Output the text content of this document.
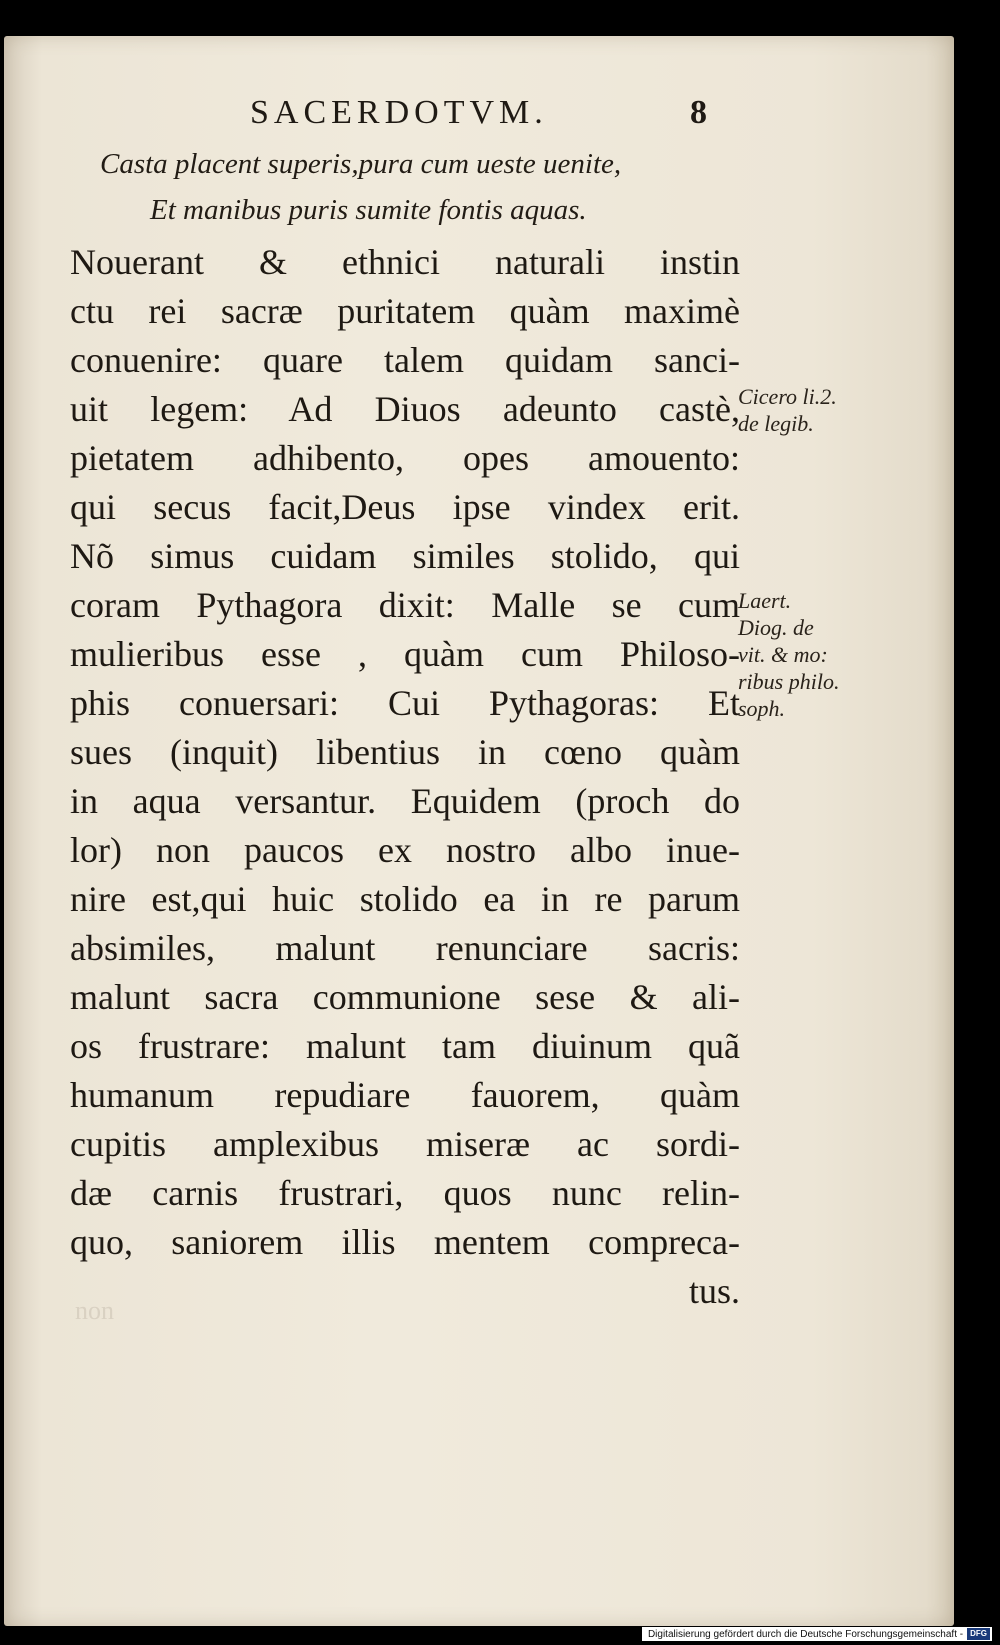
SACERDOTVM.	8
Casta placent superis,pura cum ueste uenite,
Et manibus puris sumite fontis aquas.
Nouerant & ethnici naturali instin
ctu rei sacræ puritatem quàm maximè
conuenire: quare talem quidam sanci-
uit legem: Ad Diuos adeunto castè,
pietatem adhibento, opes amouento:
qui secus facit,Deus ipse vindex erit.
Nõ simus cuidam similes stolido, qui
coram Pythagora dixit: Malle se cum
mulieribus esse , quàm cum Philoso-
phis conuersari: Cui Pythagoras: Et
sues (inquit) libentius in cœno quàm
in aqua versantur. Equidem (proch do
lor) non paucos ex nostro albo inue-
nire est,qui huic stolido ea in re parum
absimiles, malunt renunciare sacris:
malunt sacra communione sese & ali-
os frustrare: malunt tam diuinum quã
humanum repudiare fauorem, quàm
cupitis amplexibus miseræ ac sordi-
dæ carnis frustrari, quos nunc relin-
quo, saniorem illis mentem compreca-
tus.
Cicero li.2.
de legib.
Laert.
Diog. de
vit. & mo:
ribus philo.
soph.
non
Digitalisierung gefördert durch die Deutsche Forschungsgemeinschaft - DFG
